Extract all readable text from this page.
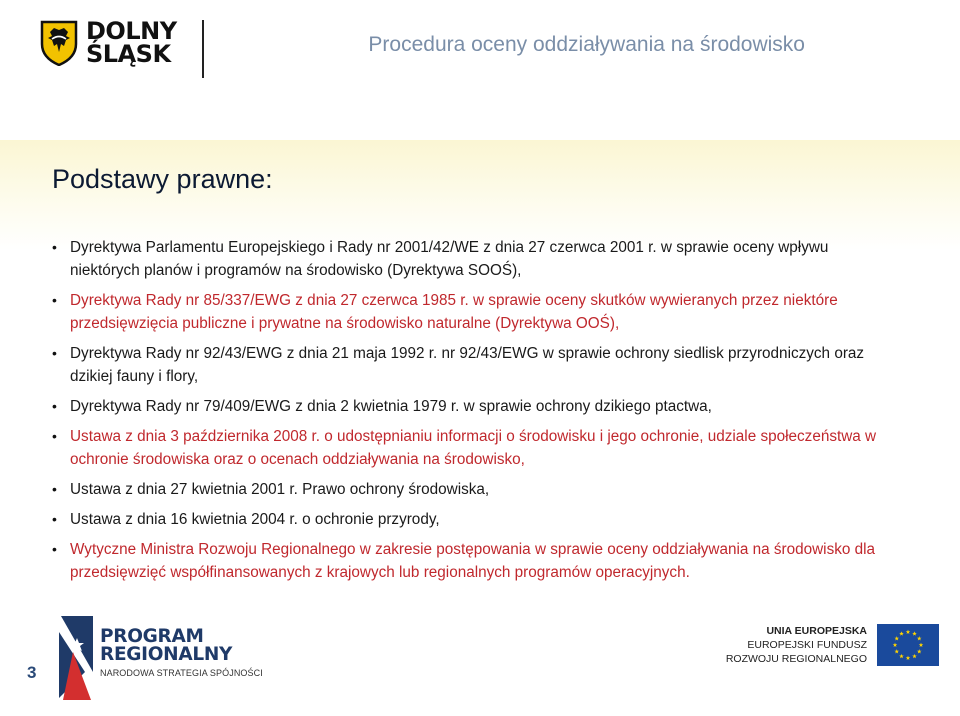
DOLNY
ŚLĄSK	Procedura oceny oddziaływania na środowisko
Podstawy prawne:
• Dyrektywa Parlamentu Europejskiego i Rady nr 2001/42/WE z dnia 27 czerwca 2001 r. w sprawie oceny wpływu niektórych planów i programów na środowisko (Dyrektywa SOOŚ),
• Dyrektywa Rady nr 85/337/EWG z dnia 27 czerwca 1985 r. w sprawie oceny skutków wywieranych przez niektóre przedsięwzięcia publiczne i prywatne na środowisko naturalne (Dyrektywa OOŚ),
• Dyrektywa Rady nr 92/43/EWG z dnia 21 maja 1992 r. nr 92/43/EWG w sprawie ochrony siedlisk przyrodniczych oraz dzikiej fauny i flory,
• Dyrektywa Rady nr 79/409/EWG z dnia 2 kwietnia 1979 r. w sprawie ochrony dzikiego ptactwa,
• Ustawa z dnia 3 października 2008 r. o udostępnianiu informacji o środowisku i jego ochronie, udziale społeczeństwa w ochronie środowiska oraz o ocenach oddziaływania na środowisko,
• Ustawa z dnia 27 kwietnia 2001 r. Prawo ochrony środowiska,
• Ustawa z dnia 16 kwietnia 2004 r. o ochronie przyrody,
• Wytyczne Ministra Rozwoju Regionalnego w zakresie postępowania w sprawie oceny oddziaływania na środowisko dla przedsięwzięć współfinansowanych z krajowych lub regionalnych programów operacyjnych.
3
PROGRAM
REGIONALNY
NARODOWA STRATEGIA SPÓJNOŚCI
UNIA EUROPEJSKA
EUROPEJSKI FUNDUSZ
ROZWOJU REGIONALNEGO
